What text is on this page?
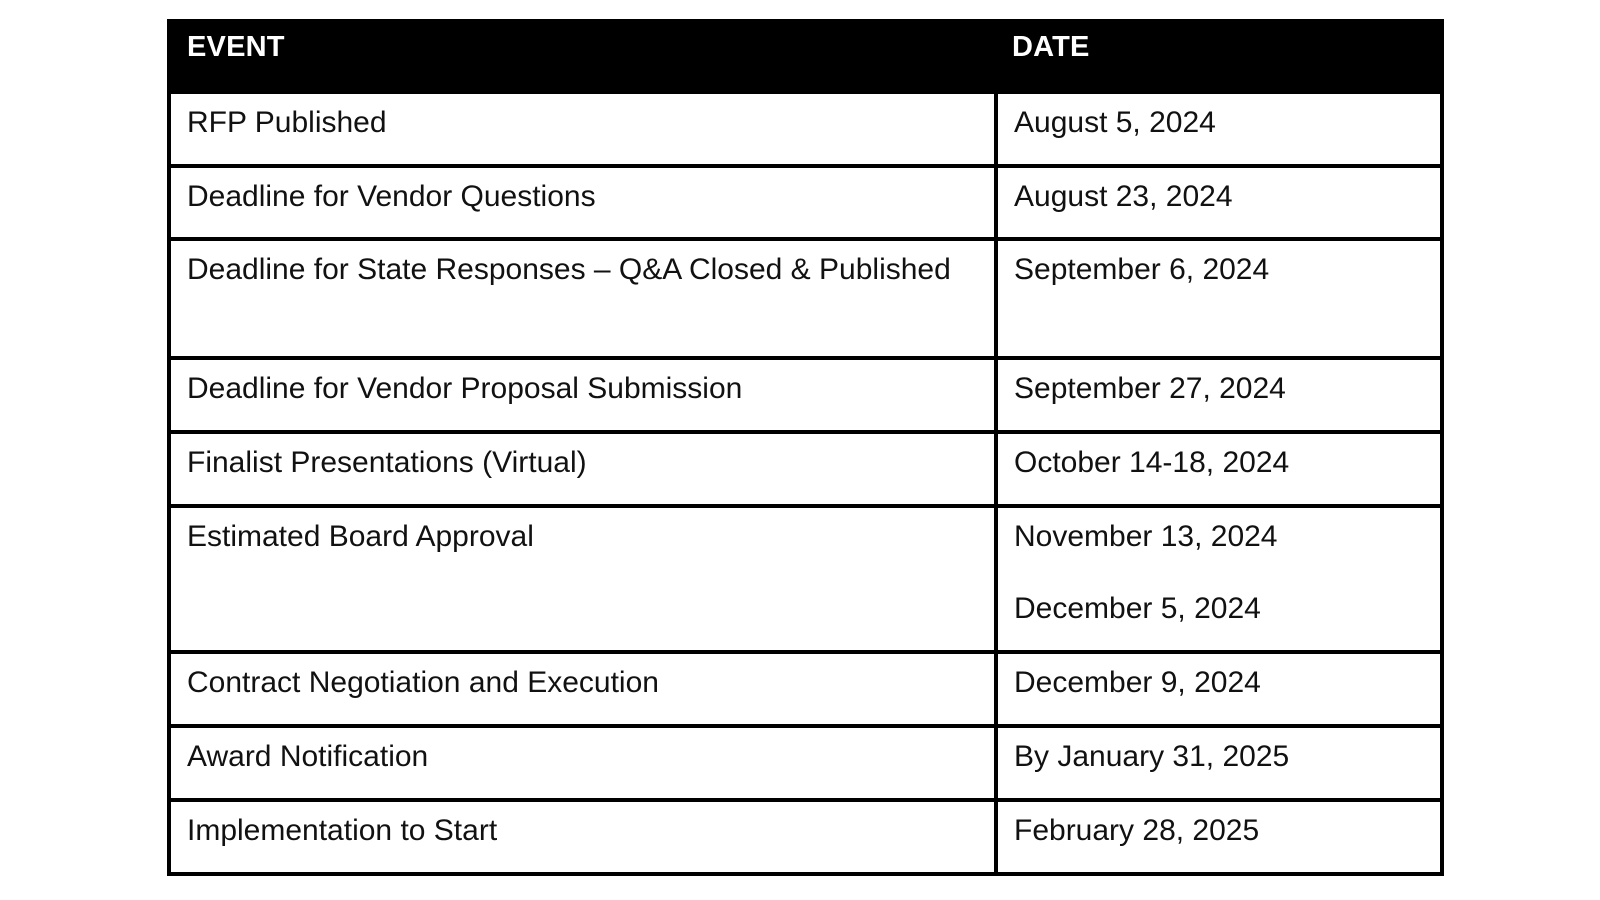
EVENT	DATE
RFP Published	August 5, 2024

Deadline for Vendor Questions	August 23, 2024

Deadline for State Responses – Q&A Closed & Published	September 6, 2024

Deadline for Vendor Proposal Submission	September 27, 2024

Finalist Presentations (Virtual)	October 14-18, 2024

Estimated Board Approval	November 13, 2024
December 5, 2024

Contract Negotiation and Execution	December 9, 2024

Award Notification	By January 31, 2025

Implementation to Start	February 28, 2025
